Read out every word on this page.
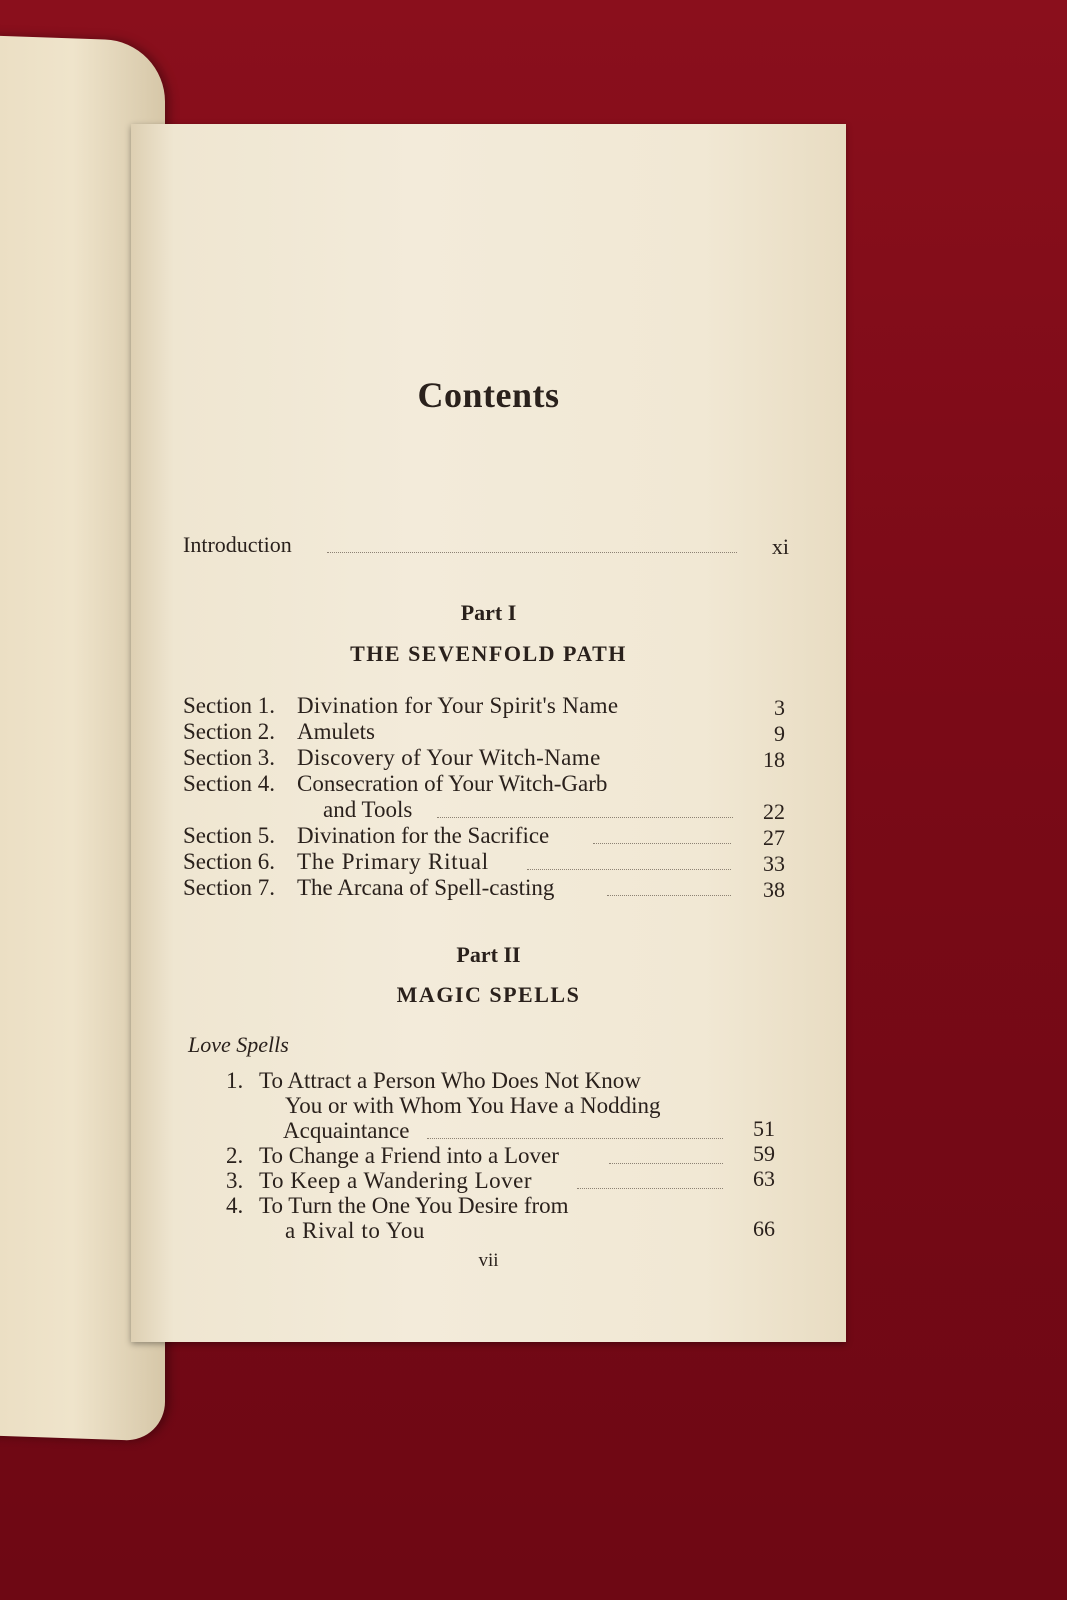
Contents
Introduction	xi
Part I
THE SEVENFOLD PATH
Section 1. Divination for Your Spirit's Name	3
Section 2. Amulets	9
Section 3. Discovery of Your Witch-Name	18
Section 4. Consecration of Your Witch-Garb
and Tools	22
Section 5. Divination for the Sacrifice	27
Section 6. The Primary Ritual	33
Section 7. The Arcana of Spell-casting	38
Part II
MAGIC SPELLS
Love Spells
1. To Attract a Person Who Does Not Know
You or with Whom You Have a Nodding
Acquaintance	51
2. To Change a Friend into a Lover	59
3. To Keep a Wandering Lover	63
4. To Turn the One You Desire from
a Rival to You	66
vii
